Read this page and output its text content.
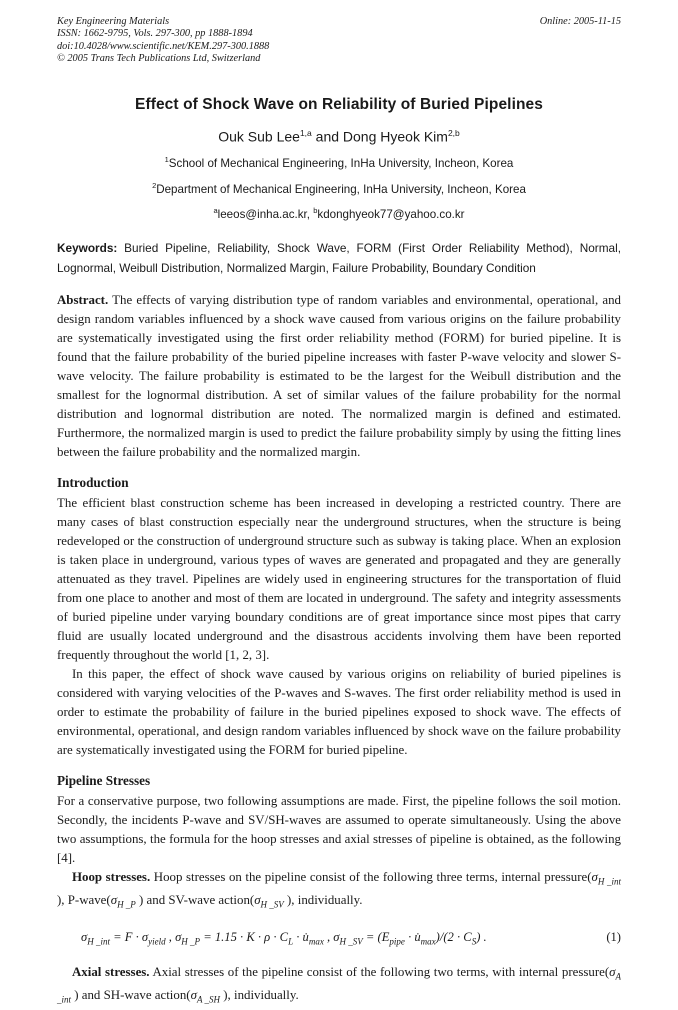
Key Engineering Materials
ISSN: 1662-9795, Vols. 297-300, pp 1888-1894
doi:10.4028/www.scientific.net/KEM.297-300.1888
© 2005 Trans Tech Publications Ltd, Switzerland
Online: 2005-11-15
Effect of Shock Wave on Reliability of Buried Pipelines
Ouk Sub Lee$^{1,a}$ and Dong Hyeok Kim$^{2,b}$
$^1$School of Mechanical Engineering, InHa University, Incheon, Korea
$^2$Department of Mechanical Engineering, InHa University, Incheon, Korea
$^a$leeos@inha.ac.kr, $^b$kdonghyeok77@yahoo.co.kr

Keywords: Buried Pipeline, Reliability, Shock Wave, FORM (First Order Reliability Method), Normal, Lognormal, Weibull Distribution, Normalized Margin, Failure Probability, Boundary Condition

Abstract. The effects of varying distribution type of random variables and environmental, operational, and design random variables influenced by a shock wave caused from various origins on the failure probability are systematically investigated using the first order reliability method (FORM) for buried pipeline. It is found that the failure probability of the buried pipeline increases with faster P-wave velocity and slower S-wave velocity. The failure probability is estimated to be the largest for the Weibull distribution and the smallest for the lognormal distribution. A set of similar values of the failure probability for the normal distribution and lognormal distribution are noted. The normalized margin is defined and estimated. Furthermore, the normalized margin is used to predict the failure probability simply by using the fitting lines between the failure probability and the normalized margin.

Introduction

The efficient blast construction scheme has been increased in developing a restricted country. There are many cases of blast construction especially near the underground structures, when the structure is being redeveloped or the construction of underground structure such as subway is taking place. When an explosion is taken place in underground, various types of waves are generated and propagated and they are generally attenuated as they travel. Pipelines are widely used in engineering structures for the transportation of fluid from one place to another and most of them are located in underground. The safety and integrity assessments of buried pipeline under varying boundary conditions are of great importance since most pipes that carry fluid are usually located underground and the disastrous accidents involving them have been reported frequently throughout the world [1, 2, 3].

In this paper, the effect of shock wave caused by various origins on reliability of buried pipelines is considered with varying velocities of the P-waves and S-waves. The first order reliability method is used in order to estimate the probability of failure in the buried pipelines exposed to shock wave. The effects of environmental, operational, and design random variables influenced by shock wave on the failure probability are systematically investigated using the FORM for buried pipeline.

Pipeline Stresses

For a conservative purpose, two following assumptions are made. First, the pipeline follows the soil motion. Secondly, the incidents P-wave and SV/SH-waves are assumed to operate simultaneously. Using the above two assumptions, the formula for the hoop stresses and axial stresses of pipeline is obtained, as the following [4].

Hoop stresses. Hoop stresses on the pipeline consist of the following three terms, internal $pressure(\sigma_{H \_int}$ ), $P-wave(\sigma_{H \_P}$ ) and SV-wave $action(\sigma_{H \_SV}$ ), individually.

$\sigma_{H \_int} = F \cdot \sigma_{yield}$ , $\sigma_{H \_P} = 1.15 \cdot K \cdot \rho \cdot C_L$ · $u̇_{max}$ , $\sigma_{H \_SV} = (E_{pipe}$ · $u̇_{max})/(2 \cdot C_S)$ .	(1)

Axial stresses. Axial stresses of the pipeline consist of the following two terms, with internal $pressure(\sigma_{A \_int}$ ) and SH-wave $action(\sigma_{A \_SH}$ ), individually.
